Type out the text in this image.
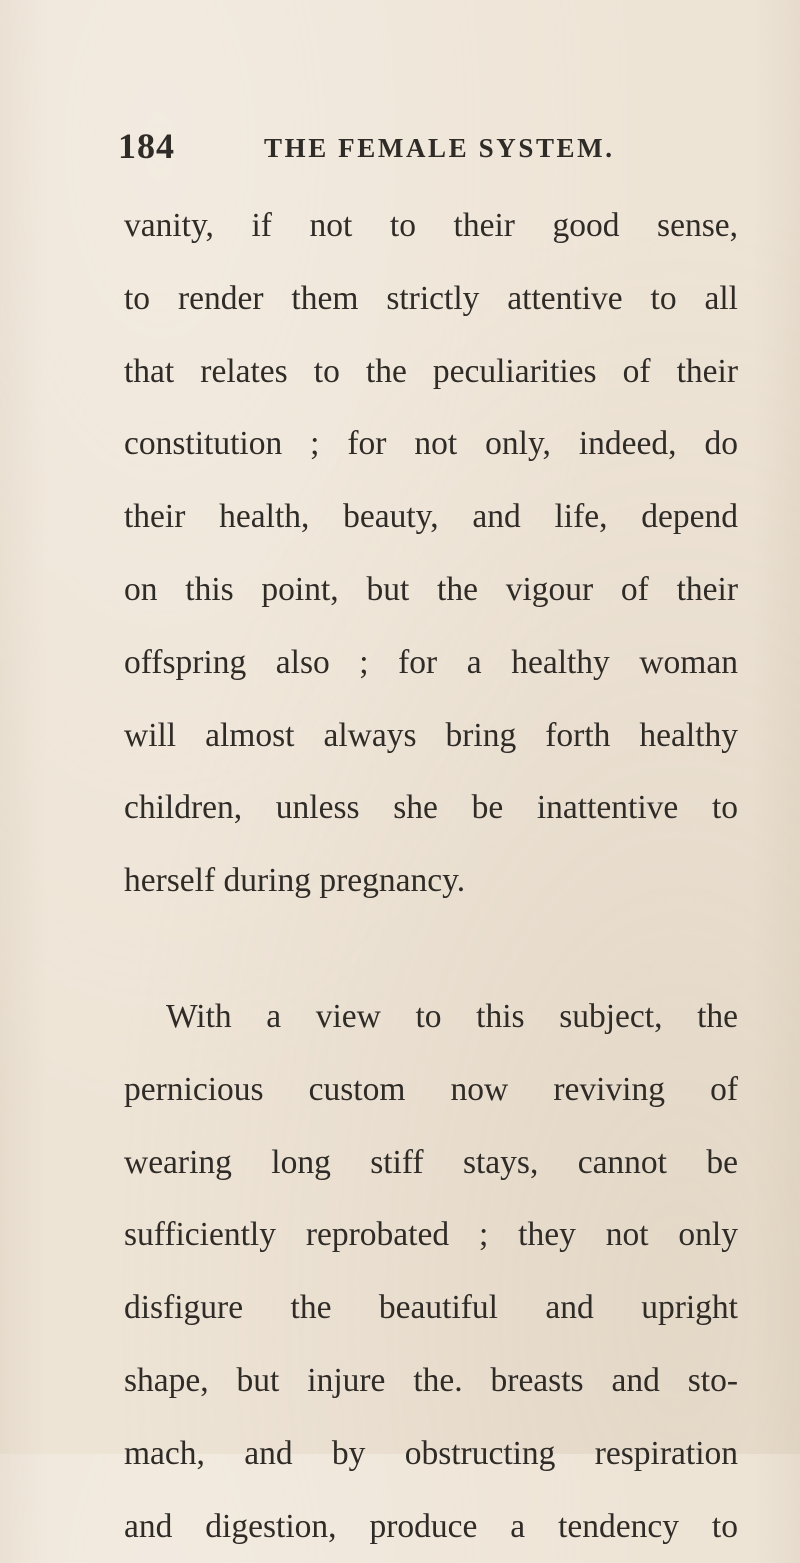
184	THE FEMALE SYSTEM.
vanity, if not to their good sense,
to render them strictly attentive to all
that relates to the peculiarities of their
constitution ; for not only, indeed, do
their health, beauty, and life, depend
on this point, but the vigour of their
offspring also ; for a healthy woman
will almost always bring forth healthy
children, unless she be inattentive to
herself during pregnancy.
With a view to this subject, the
pernicious custom now reviving of
wearing long stiff stays, cannot be
sufficiently reprobated ; they not only
disfigure the beautiful and upright
shape, but injure the. breasts and sto-
mach, and by obstructing respiration
and digestion, produce a tendency to
